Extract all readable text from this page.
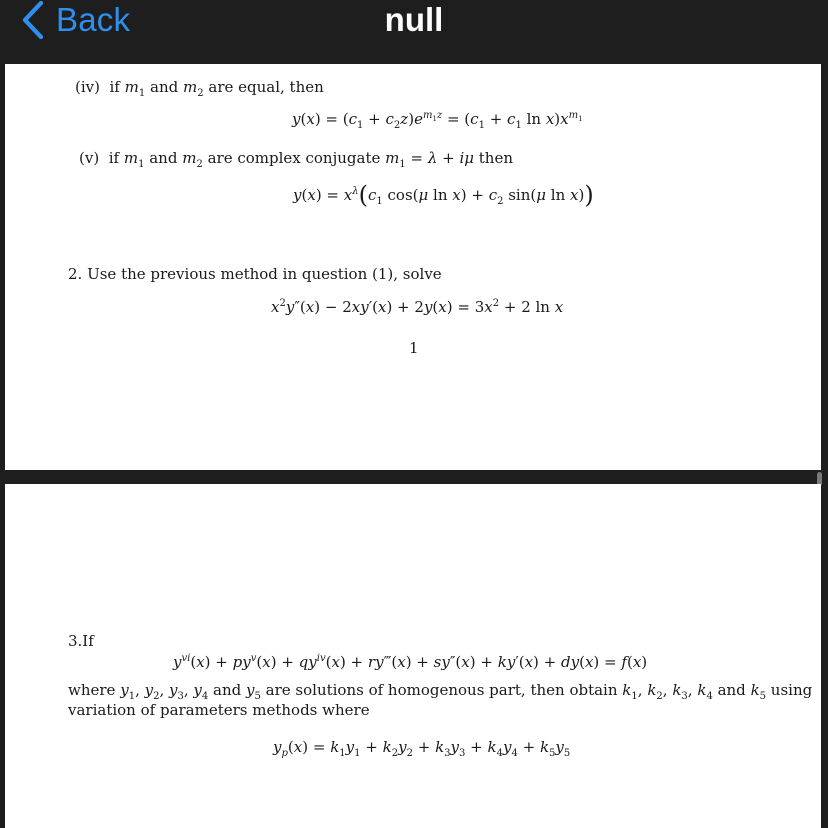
null
Back
(iv)  if $m_1$ and $m_2$ are equal, then
$y(x) = (c_1 + c_2z)e^{m_1z} = (c_1 + c_1$ $\ln x)x^{m_1}$
(v)  if $m_1$ and $m_2$ are complex conjugate $m_1 = \lambda + i\mu$ then
$y(x) = x^\lambda(c_1$ cos(μ $\ln x) + c_2$ sin(μ ln x))
2. Use the previous method in question (1), solve
$x^2y''(x) - 2xy'(x) + 2y(x) = 3x^2 + 2$ ln x
1
3.If
$y^{vi}(x) + py^v(x) + qy^{iv}(x)$ + ry‴(x) + sy″(x) + ky′(x) + dy(x) = f(x)
where $y_1$, $y_2$, $y_3$, $y_4$ and $y_5$ are solutions of homogenous part, then obtain $k_1$, $k_2$, $k_3$, $k_4$ and $k_5$ using
variation of parameters methods where
$y_p(x) = k_1y_1 + k_2y_2 + k_3y_3 + k_4y_4 + k_5y_5$
